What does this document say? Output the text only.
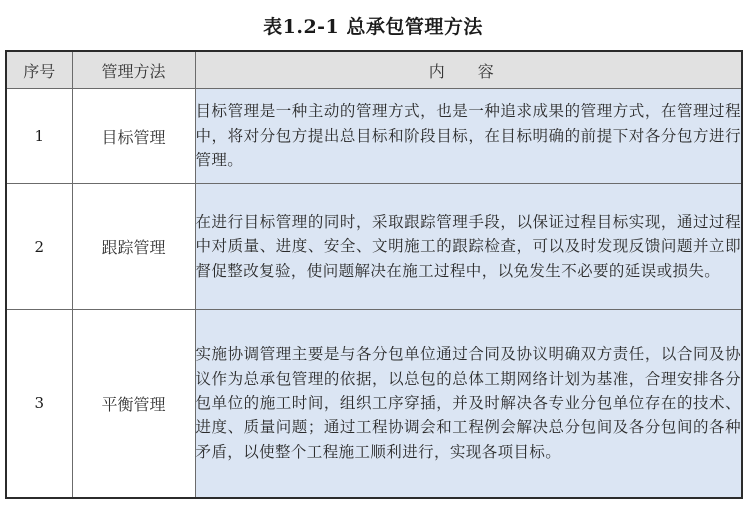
表1.2-1 总承包管理方法
序号	管理方法	内 容
1	目标管理	目标管理是一种主动的管理方式，也是一种追求成果的管理方式，在管理过程中，将对分包方提出总目标和阶段目标，在目标明确的前提下对各分包方进行管理。
2	跟踪管理	在进行目标管理的同时，采取跟踪管理手段，以保证过程目标实现，通过过程中对质量、进度、安全、文明施工的跟踪检查，可以及时发现反馈问题并立即督促整改复验，使问题解决在施工过程中，以免发生不必要的延误或损失。
3	平衡管理	实施协调管理主要是与各分包单位通过合同及协议明确双方责任，以合同及协议作为总承包管理的依据，以总包的总体工期网络计划为基准，合理安排各分包单位的施工时间，组织工序穿插，并及时解决各专业分包单位存在的技术、进度、质量问题；通过工程协调会和工程例会解决总分包间及各分包间的各种矛盾，以使整个工程施工顺利进行，实现各项目标。
